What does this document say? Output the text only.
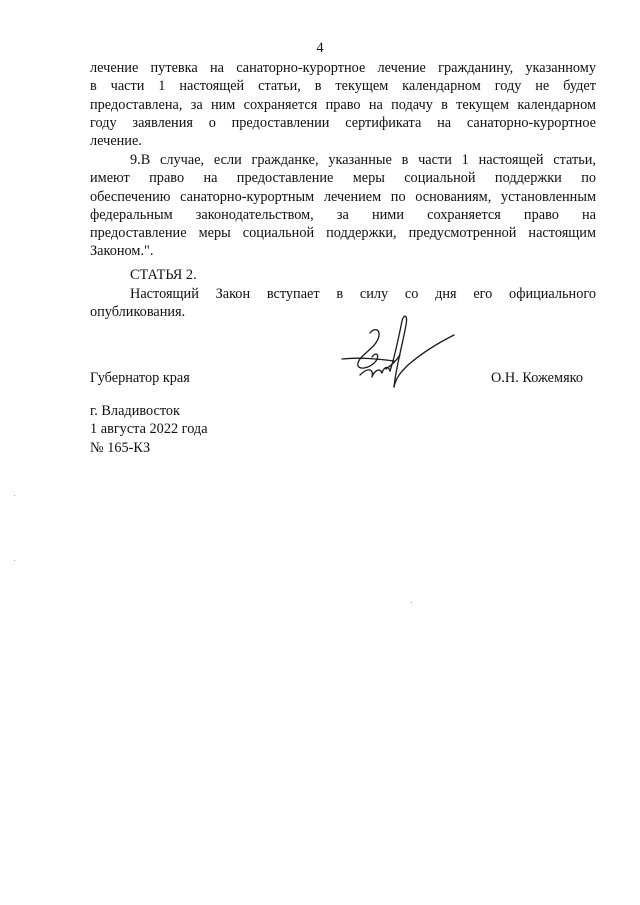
4
лечение путевка на санаторно-курортное лечение гражданину, указанному
в части 1 настоящей статьи, в текущем календарном году не будет
предоставлена, за ним сохраняется право на подачу в текущем календарном
году заявления о предоставлении сертификата на санаторно-курортное
лечение.
9.В случае, если гражданке, указанные в части 1 настоящей статьи,
имеют право на предоставление меры социальной поддержки по
обеспечению санаторно-курортным лечением по основаниям, установленным
федеральным законодательством, за ними сохраняется право на
предоставление меры социальной поддержки, предусмотренной настоящим
Законом.".
СТАТЬЯ 2.
Настоящий Закон вступает в силу со дня его официального
опубликования.
Губернатор края	О.Н. Кожемяко
г. Владивосток
1 августа 2022 года
№ 165-КЗ
